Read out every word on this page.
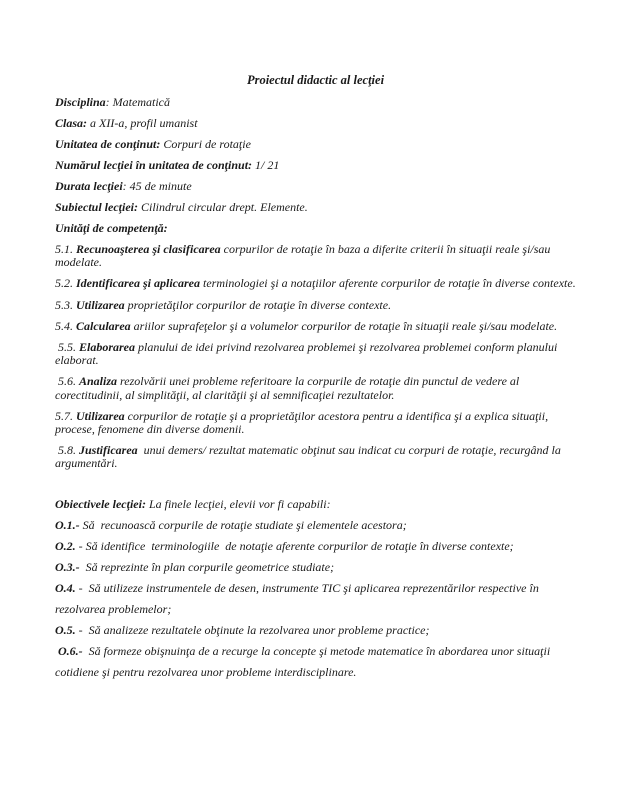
Proiectul didactic al lecţiei

Disciplina: Matematică

Clasa: a XII-a, profil umanist

Unitatea de conţinut: Corpuri de rotaţie

Numărul lecţiei în unitatea de conţinut: 1/ 21

Durata lecţiei: 45 de minute

Subiectul lecţiei: Cilindrul circular drept. Elemente.

Unităţi de competenţă:

5.1. Recunoaşterea şi clasificarea corpurilor de rotaţie în baza a diferite criterii în situaţii reale şi/sau modelate.

5.2. Identificarea şi aplicarea terminologiei şi a notaţiilor aferente corpurilor de rotaţie în diverse contexte.

5.3. Utilizarea proprietăţilor corpurilor de rotaţie în diverse contexte.

5.4. Calcularea ariilor suprafeţelor şi a volumelor corpurilor de rotaţie în situaţii reale şi/sau modelate.

5.5. Elaborarea planului de idei privind rezolvarea problemei şi rezolvarea problemei conform planului elaborat.

5.6. Analiza rezolvării unei probleme referitoare la corpurile de rotaţie din punctul de vedere al corectitudinii, al simplităţii, al clarităţii şi al semnificaţiei rezultatelor.

5.7. Utilizarea corpurilor de rotaţie şi a proprietăţilor acestora pentru a identifica şi a explica situaţii, procese, fenomene din diverse domenii.

5.8. Justificarea  unui demers/ rezultat matematic obţinut sau indicat cu corpuri de rotaţie, recurgând la argumentări.

Obiectivele lecţiei: La finele lecţiei, elevii vor fi capabili:

O.1.- Să  recunoască corpurile de rotaţie studiate şi elementele acestora;

O.2. - Să identifice  terminologiile  de notaţie aferente corpurilor de rotaţie în diverse contexte;

O.3.-  Să reprezinte în plan corpurile geometrice studiate;

O.4. -  Să utilizeze instrumentele de desen, instrumente TIC şi aplicarea reprezentărilor respective în rezolvarea problemelor;

O.5. -  Să analizeze rezultatele obţinute la rezolvarea unor probleme practice;

O.6.-  Să formeze obişnuinţa de a recurge la concepte şi metode matematice în abordarea unor situaţii cotidiene şi pentru rezolvarea unor probleme interdisciplinare.
